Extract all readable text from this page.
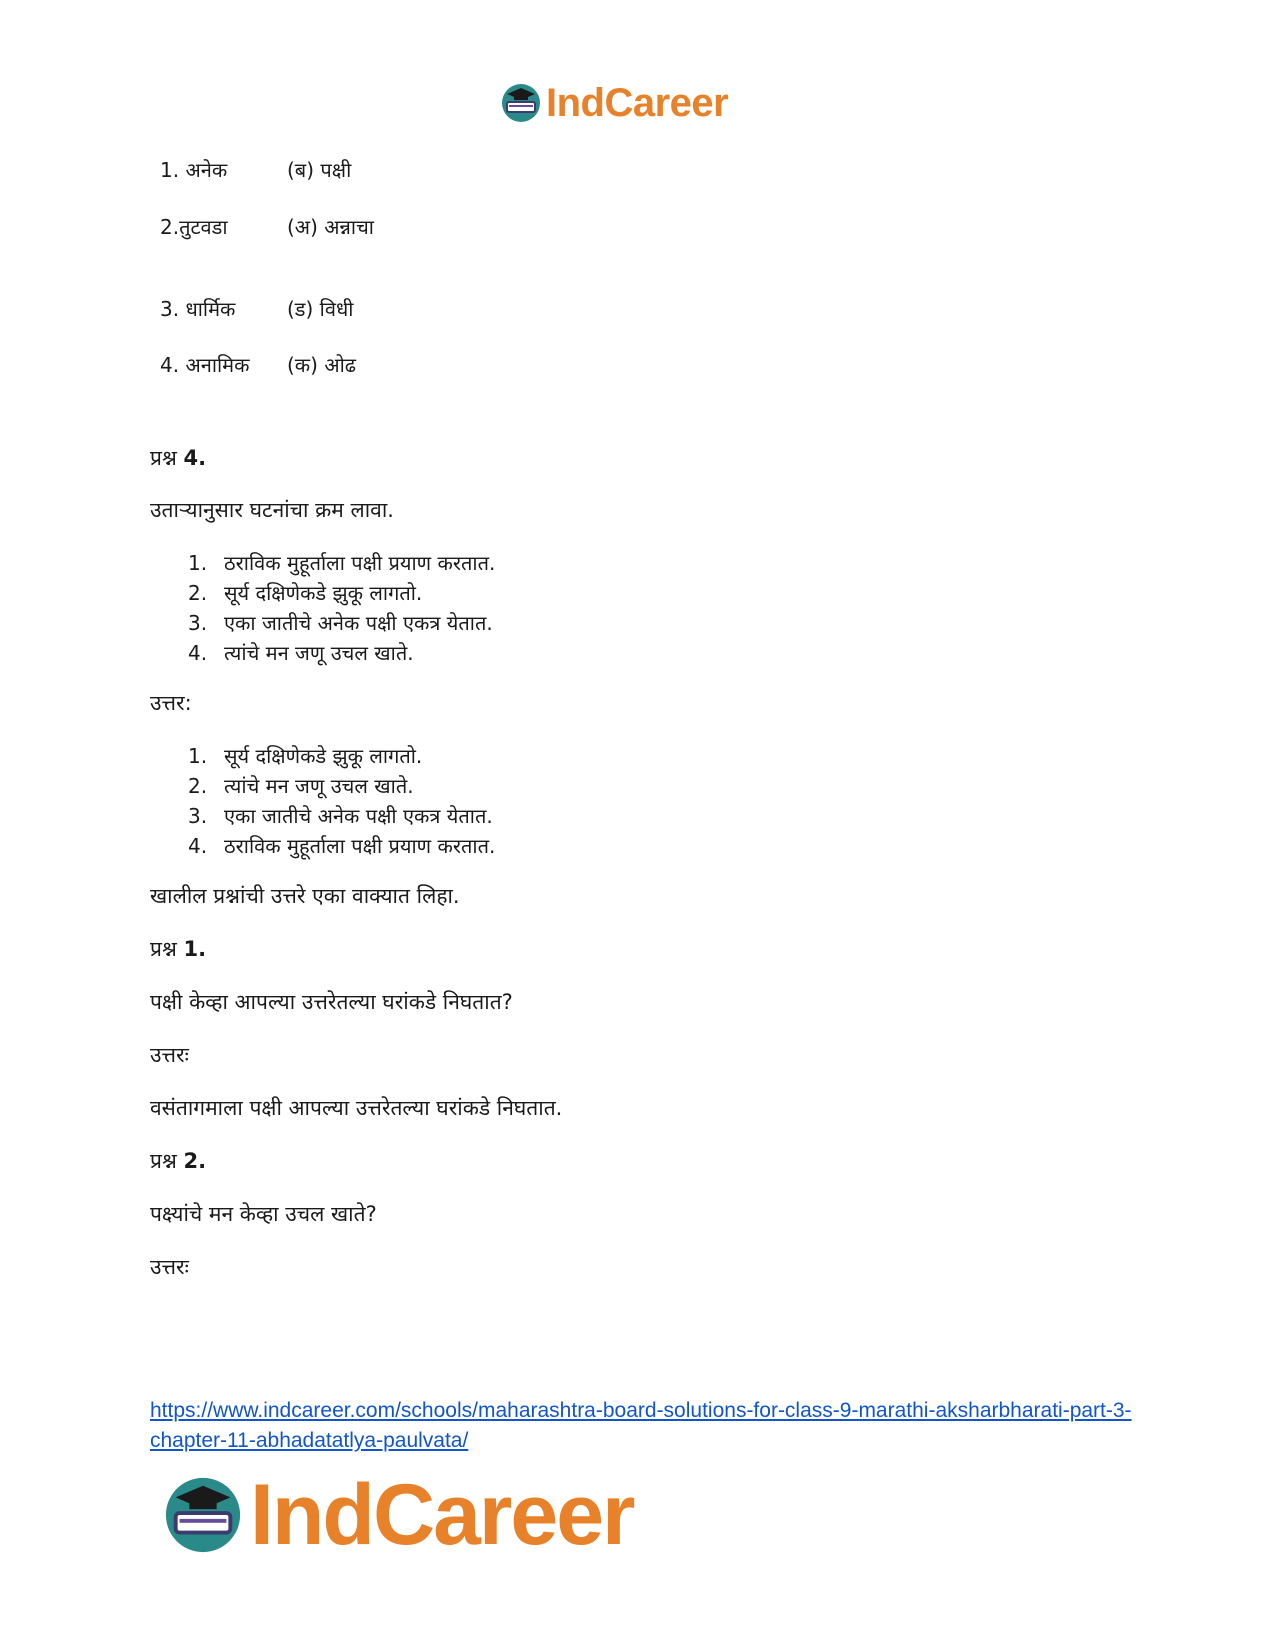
IndCareer
1. अनेक	(ब) पक्षी
2.तुटवडा	(अ) अन्नाचा
3. धार्मिक	(ड) विधी
4. अनामिक	(क) ओढ
प्रश्न 4.
उताऱ्यानुसार घटनांचा क्रम लावा.
1. ठराविक मुहूर्ताला पक्षी प्रयाण करतात.
2. सूर्य दक्षिणेकडे झुकू लागतो.
3. एका जातीचे अनेक पक्षी एकत्र येतात.
4. त्यांचे मन जणू उचल खाते.
उत्तर:
1. सूर्य दक्षिणेकडे झुकू लागतो.
2. त्यांचे मन जणू उचल खाते.
3. एका जातीचे अनेक पक्षी एकत्र येतात.
4. ठराविक मुहूर्ताला पक्षी प्रयाण करतात.
खालील प्रश्नांची उत्तरे एका वाक्यात लिहा.
प्रश्न 1.
पक्षी केव्हा आपल्या उत्तरेतल्या घरांकडे निघतात?
उत्तरः
वसंतागमाला पक्षी आपल्या उत्तरेतल्या घरांकडे निघतात.
प्रश्न 2.
पक्ष्यांचे मन केव्हा उचल खाते?
उत्तरः
https://www.indcareer.com/schools/maharashtra-board-solutions-for-class-9-marathi-aksharbharati-part-3-chapter-11-abhadatatlya-paulvata/
IndCareer
